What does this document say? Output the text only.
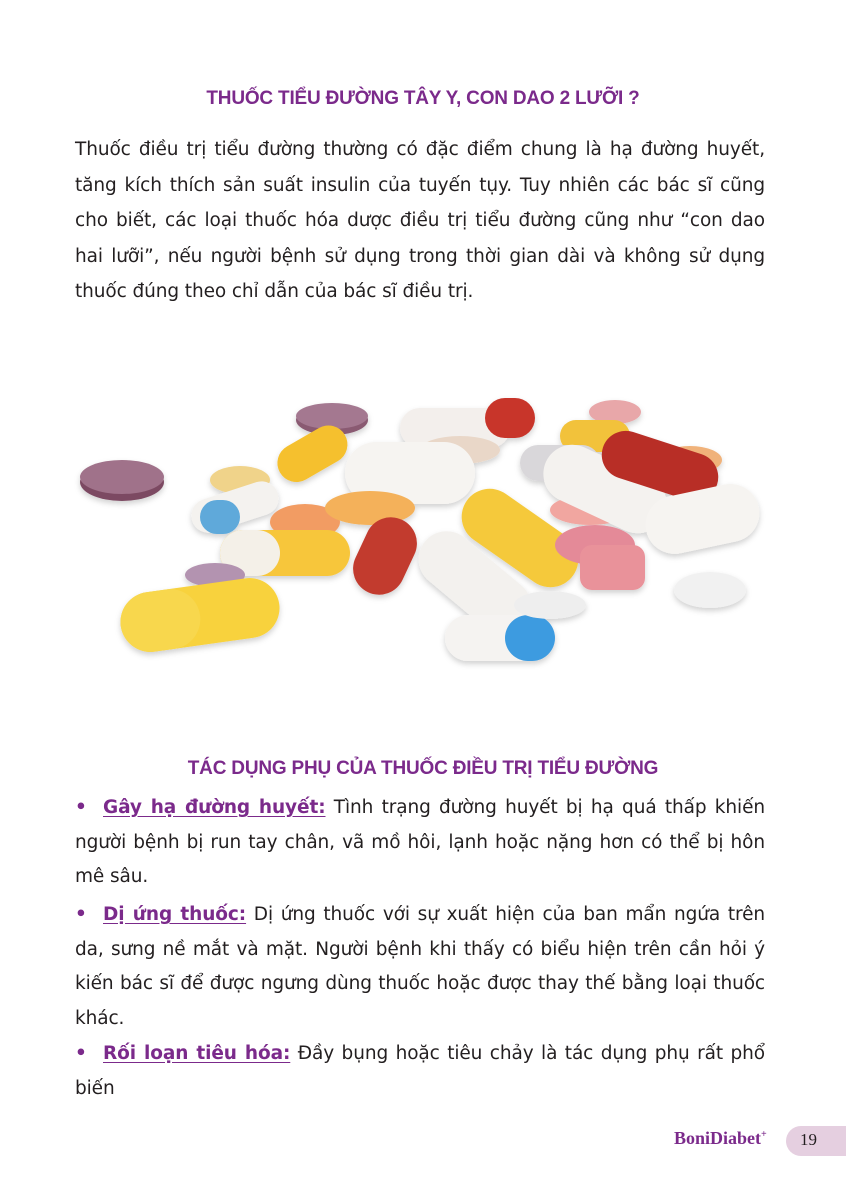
THUỐC TIỂU ĐƯỜNG TÂY Y, CON DAO 2 LƯỠI ?
Thuốc điều trị tiểu đường thường có đặc điểm chung là hạ đường huyết, tăng kích thích sản suất insulin của tuyến tụy. Tuy nhiên các bác sĩ cũng cho biết, các loại thuốc hóa dược điều trị tiểu đường cũng như “con dao hai lưỡi”, nếu người bệnh sử dụng trong thời gian dài và không sử dụng thuốc đúng theo chỉ dẫn của bác sĩ điều trị.
TÁC DỤNG PHỤ CỦA THUỐC ĐIỀU TRỊ TIỂU ĐƯỜNG
• Gây hạ đường huyết: Tình trạng đường huyết bị hạ quá thấp khiến người bệnh bị run tay chân, vã mồ hôi, lạnh hoặc nặng hơn có thể bị hôn mê sâu.
• Dị ứng thuốc: Dị ứng thuốc với sự xuất hiện của ban mẩn ngứa trên da, sưng nề mắt và mặt. Người bệnh khi thấy có biểu hiện trên cần hỏi ý kiến bác sĩ để được ngưng dùng thuốc hoặc được thay thế bằng loại thuốc khác.
• Rối loạn tiêu hóa: Đầy bụng hoặc tiêu chảy là tác dụng phụ rất phổ biến
BoniDiabet+ 19
